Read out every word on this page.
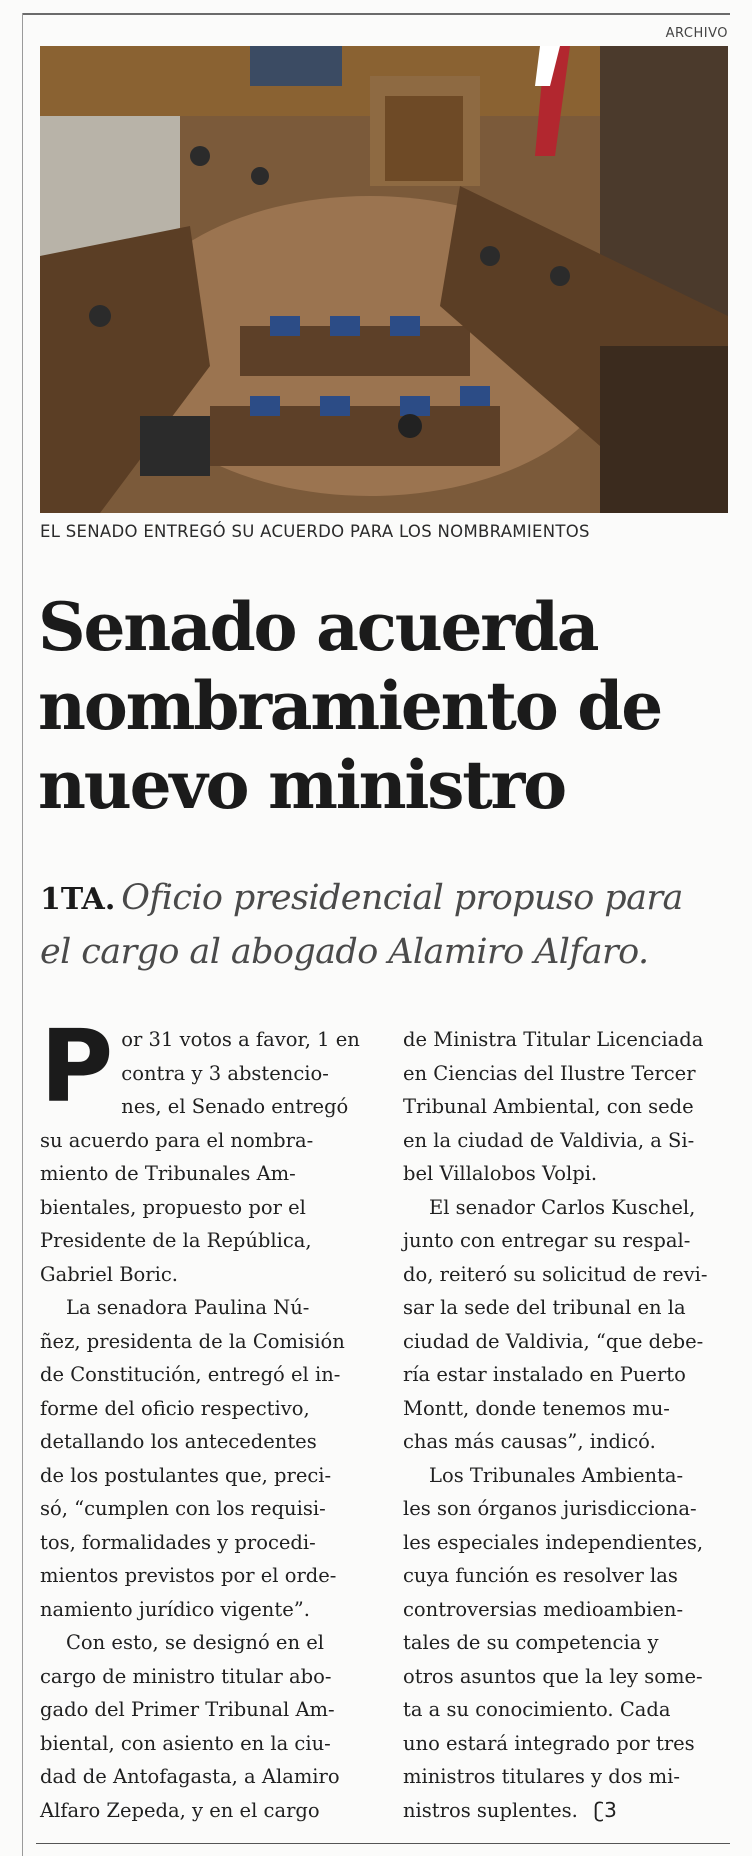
ARCHIVO
EL SENADO ENTREGÓ SU ACUERDO PARA LOS NOMBRAMIENTOS
Senado acuerda
nombramiento de
nuevo ministro
1TA. Oficio presidencial propuso para
el cargo al abogado Alamiro Alfaro.

P or 31 votos a favor, 1 en
contra y 3 abstencio-
nes, el Senado entregó
su acuerdo para el nombra-
miento de Tribunales Am-
bientales, propuesto por el
Presidente de la República,
Gabriel Boric.

La senadora Paulina Nú-
ñez, presidenta de la Comisión
de Constitución, entregó el in-
forme del oficio respectivo,
detallando los antecedentes
de los postulantes que, preci-
só, “cumplen con los requisi-
tos, formalidades y procedi-
mientos previstos por el orde-
namiento jurídico vigente”.

Con esto, se designó en el
cargo de ministro titular abo-
gado del Primer Tribunal Am-
biental, con asiento en la ciu-
dad de Antofagasta, a Alamiro
Alfaro Zepeda, y en el cargo

de Ministra Titular Licenciada
en Ciencias del Ilustre Tercer
Tribunal Ambiental, con sede
en la ciudad de Valdivia, a Si-
bel Villalobos Volpi.

El senador Carlos Kuschel,
junto con entregar su respal-
do, reiteró su solicitud de revi-
sar la sede del tribunal en la
ciudad de Valdivia, “que debe-
ría estar instalado en Puerto
Montt, donde tenemos mu-
chas más causas”, indicó.

Los Tribunales Ambienta-
les son órganos jurisdicciona-
les especiales independientes,
cuya función es resolver las
controversias medioambien-
tales de su competencia y
otros asuntos que la ley some-
ta a su conocimiento. Cada
uno estará integrado por tres
ministros titulares y dos mi-
nistros suplentes. ʗ3
